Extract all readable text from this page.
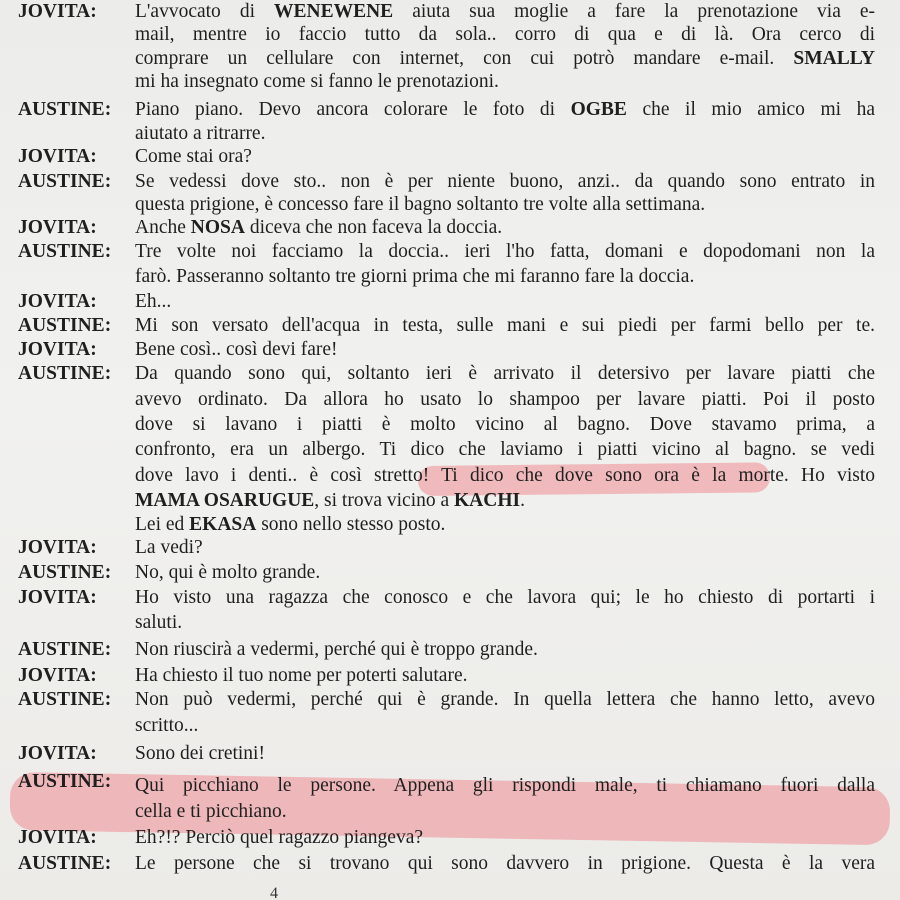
JOVITA:
AUSTINE:
JOVITA:
AUSTINE:
JOVITA:
AUSTINE:
JOVITA:
AUSTINE:
JOVITA:
AUSTINE:
JOVITA:
AUSTINE:
JOVITA:
AUSTINE:
JOVITA:
AUSTINE:
JOVITA:
AUSTINE:
JOVITA:
AUSTINE:
L'avvocato di WENEWENE aiuta sua moglie a fare la prenotazione via e-
mail, mentre io faccio tutto da sola.. corro di qua e di là. Ora cerco di
comprare un cellulare con internet, con cui potrò mandare e-mail. SMALLY
mi ha insegnato come si fanno le prenotazioni.
Piano piano. Devo ancora colorare le foto di OGBE che il mio amico mi ha
aiutato a ritrarre.
Come stai ora?
Se vedessi dove sto.. non è per niente buono, anzi.. da quando sono entrato in
questa prigione, è concesso fare il bagno soltanto tre volte alla settimana.
Anche NOSA diceva che non faceva la doccia.
Tre volte noi facciamo la doccia.. ieri l'ho fatta, domani e dopodomani non la
farò. Passeranno soltanto tre giorni prima che mi faranno fare la doccia.
Eh...
Mi son versato dell'acqua in testa, sulle mani e sui piedi per farmi bello per te.
Bene così.. così devi fare!
Da quando sono qui, soltanto ieri è arrivato il detersivo per lavare piatti che
avevo ordinato. Da allora ho usato lo shampoo per lavare piatti. Poi il posto
dove si lavano i piatti è molto vicino al bagno. Dove stavamo prima, a
confronto, era un albergo. Ti dico che laviamo i piatti vicino al bagno. se vedi
dove lavo i denti.. è così stretto! Ti dico che dove sono ora è la morte. Ho visto
MAMA OSARUGUE, si trova vicino a KACHI.
Lei ed EKASA sono nello stesso posto.
La vedi?
No, qui è molto grande.
Ho visto una ragazza che conosco e che lavora qui; le ho chiesto di portarti i
saluti.
Non riuscirà a vedermi, perché qui è troppo grande.
Ha chiesto il tuo nome per poterti salutare.
Non può vedermi, perché qui è grande. In quella lettera che hanno letto, avevo
scritto...
Sono dei cretini!
Qui picchiano le persone. Appena gli rispondi male, ti chiamano fuori dalla
cella e ti picchiano.
Eh?!? Perciò quel ragazzo piangeva?
Le persone che si trovano qui sono davvero in prigione. Questa è la vera
4
